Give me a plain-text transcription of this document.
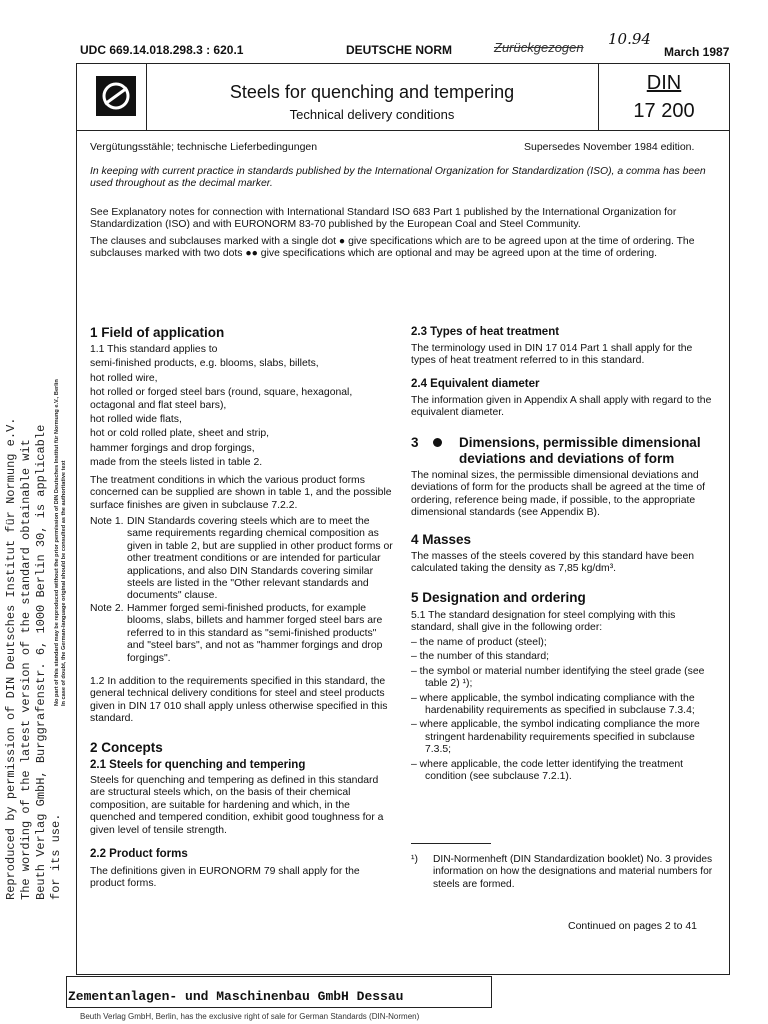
UDC 669.14.018.298.3 : 620.1	DEUTSCHE NORM	Zurückgezogen 10.94
March 1987
Steels for quenching and tempering
Technical delivery conditions
DIN
17 200
Vergütungsstähle; technische Lieferbedingungen	Supersedes November 1984 edition.
In keeping with current practice in standards published by the International Organization for Standardization (ISO), a comma has been used throughout as the decimal marker.
See Explanatory notes for connection with International Standard ISO 683 Part 1 published by the International Organization for Standardization (ISO) and with EURONORM 83-70 published by the European Coal and Steel Community.
The clauses and subclauses marked with a single dot ● give specifications which are to be agreed upon at the time of ordering. The subclauses marked with two dots ●● give specifications which are optional and may be agreed upon at the time of ordering.
1 Field of application
1.1 This standard applies to
semi-finished products, e.g. blooms, slabs, billets,
hot rolled wire,
hot rolled or forged steel bars (round, square, hexagonal,
octagonal and flat steel bars),
hot rolled wide flats,
hot or cold rolled plate, sheet and strip,
hammer forgings and drop forgings,
made from the steels listed in table 2.
The treatment conditions in which the various product forms concerned can be supplied are shown in table 1, and the possible surface finishes are given in subclause 7.2.2.
Note 1. DIN Standards covering steels which are to meet the same requirements regarding chemical composition as given in table 2, but are supplied in other product forms or other treatment conditions or are intended for particular applications, and also DIN Standards covering similar steels are listed in the "Other relevant standards and documents" clause.
Note 2. Hammer forged semi-finished products, for example blooms, slabs, billets and hammer forged steel bars are referred to in this standard as "semi-finished products" and "steel bars", and not as "hammer forgings and drop forgings".
1.2 In addition to the requirements specified in this standard, the general technical delivery conditions for steel and steel products given in DIN 17 010 shall apply unless otherwise specified in this standard.
2 Concepts
2.1 Steels for quenching and tempering
Steels for quenching and tempering as defined in this standard are structural steels which, on the basis of their chemical composition, are suitable for hardening and which, in the quenched and tempered condition, exhibit good toughness for a given level of tensile strength.
2.2 Product forms
The definitions given in EURONORM 79 shall apply for the product forms.
2.3 Types of heat treatment
The terminology used in DIN 17 014 Part 1 shall apply for the types of heat treatment referred to in this standard.
2.4 Equivalent diameter
The information given in Appendix A shall apply with regard to the equivalent diameter.
3	Dimensions, permissible dimensional
deviations and deviations of form
The nominal sizes, the permissible dimensional deviations and deviations of form for the products shall be agreed at the time of ordering, reference being made, if possible, to the appropriate dimensional standards (see Appendix B).
4 Masses
The masses of the steels covered by this standard have been calculated taking the density as 7,85 kg/dm³.
5 Designation and ordering
5.1 The standard designation for steel complying with this standard, shall give in the following order:
– the name of product (steel);
– the number of this standard;
– the symbol or material number identifying the steel grade (see table 2) ¹);
– where applicable, the symbol indicating compliance with the hardenability requirements as specified in subclause 7.3.4;
– where applicable, the symbol indicating compliance the more stringent hardenability requirements specified in subclause 7.3.5;
– where applicable, the code letter identifying the treatment condition (see subclause 7.2.1).
¹) DIN-Normenheft (DIN Standardization booklet) No. 3 provides information on how the designations and material numbers for steels are formed.
Continued on pages 2 to 41
Zementanlagen- und Maschinenbau GmbH Dessau
Beuth Verlag GmbH, Berlin, has the exclusive right of sale for German Standards (DIN-Normen)
Reproduced by permission of DIN Deutsches Institut für Normung e.V. The wording of the latest version of the standard obtainable wit Beuth Verlag GmbH, Burggrafenstr. 6, 1000 Berlin 30, is applicable for its use.
No part of this standard may be reproduced without the prior permission of DIN Deutsches Institut für Normung e.V., Berlin In case of doubt, the German-language original should be consulted as the authoritative text
